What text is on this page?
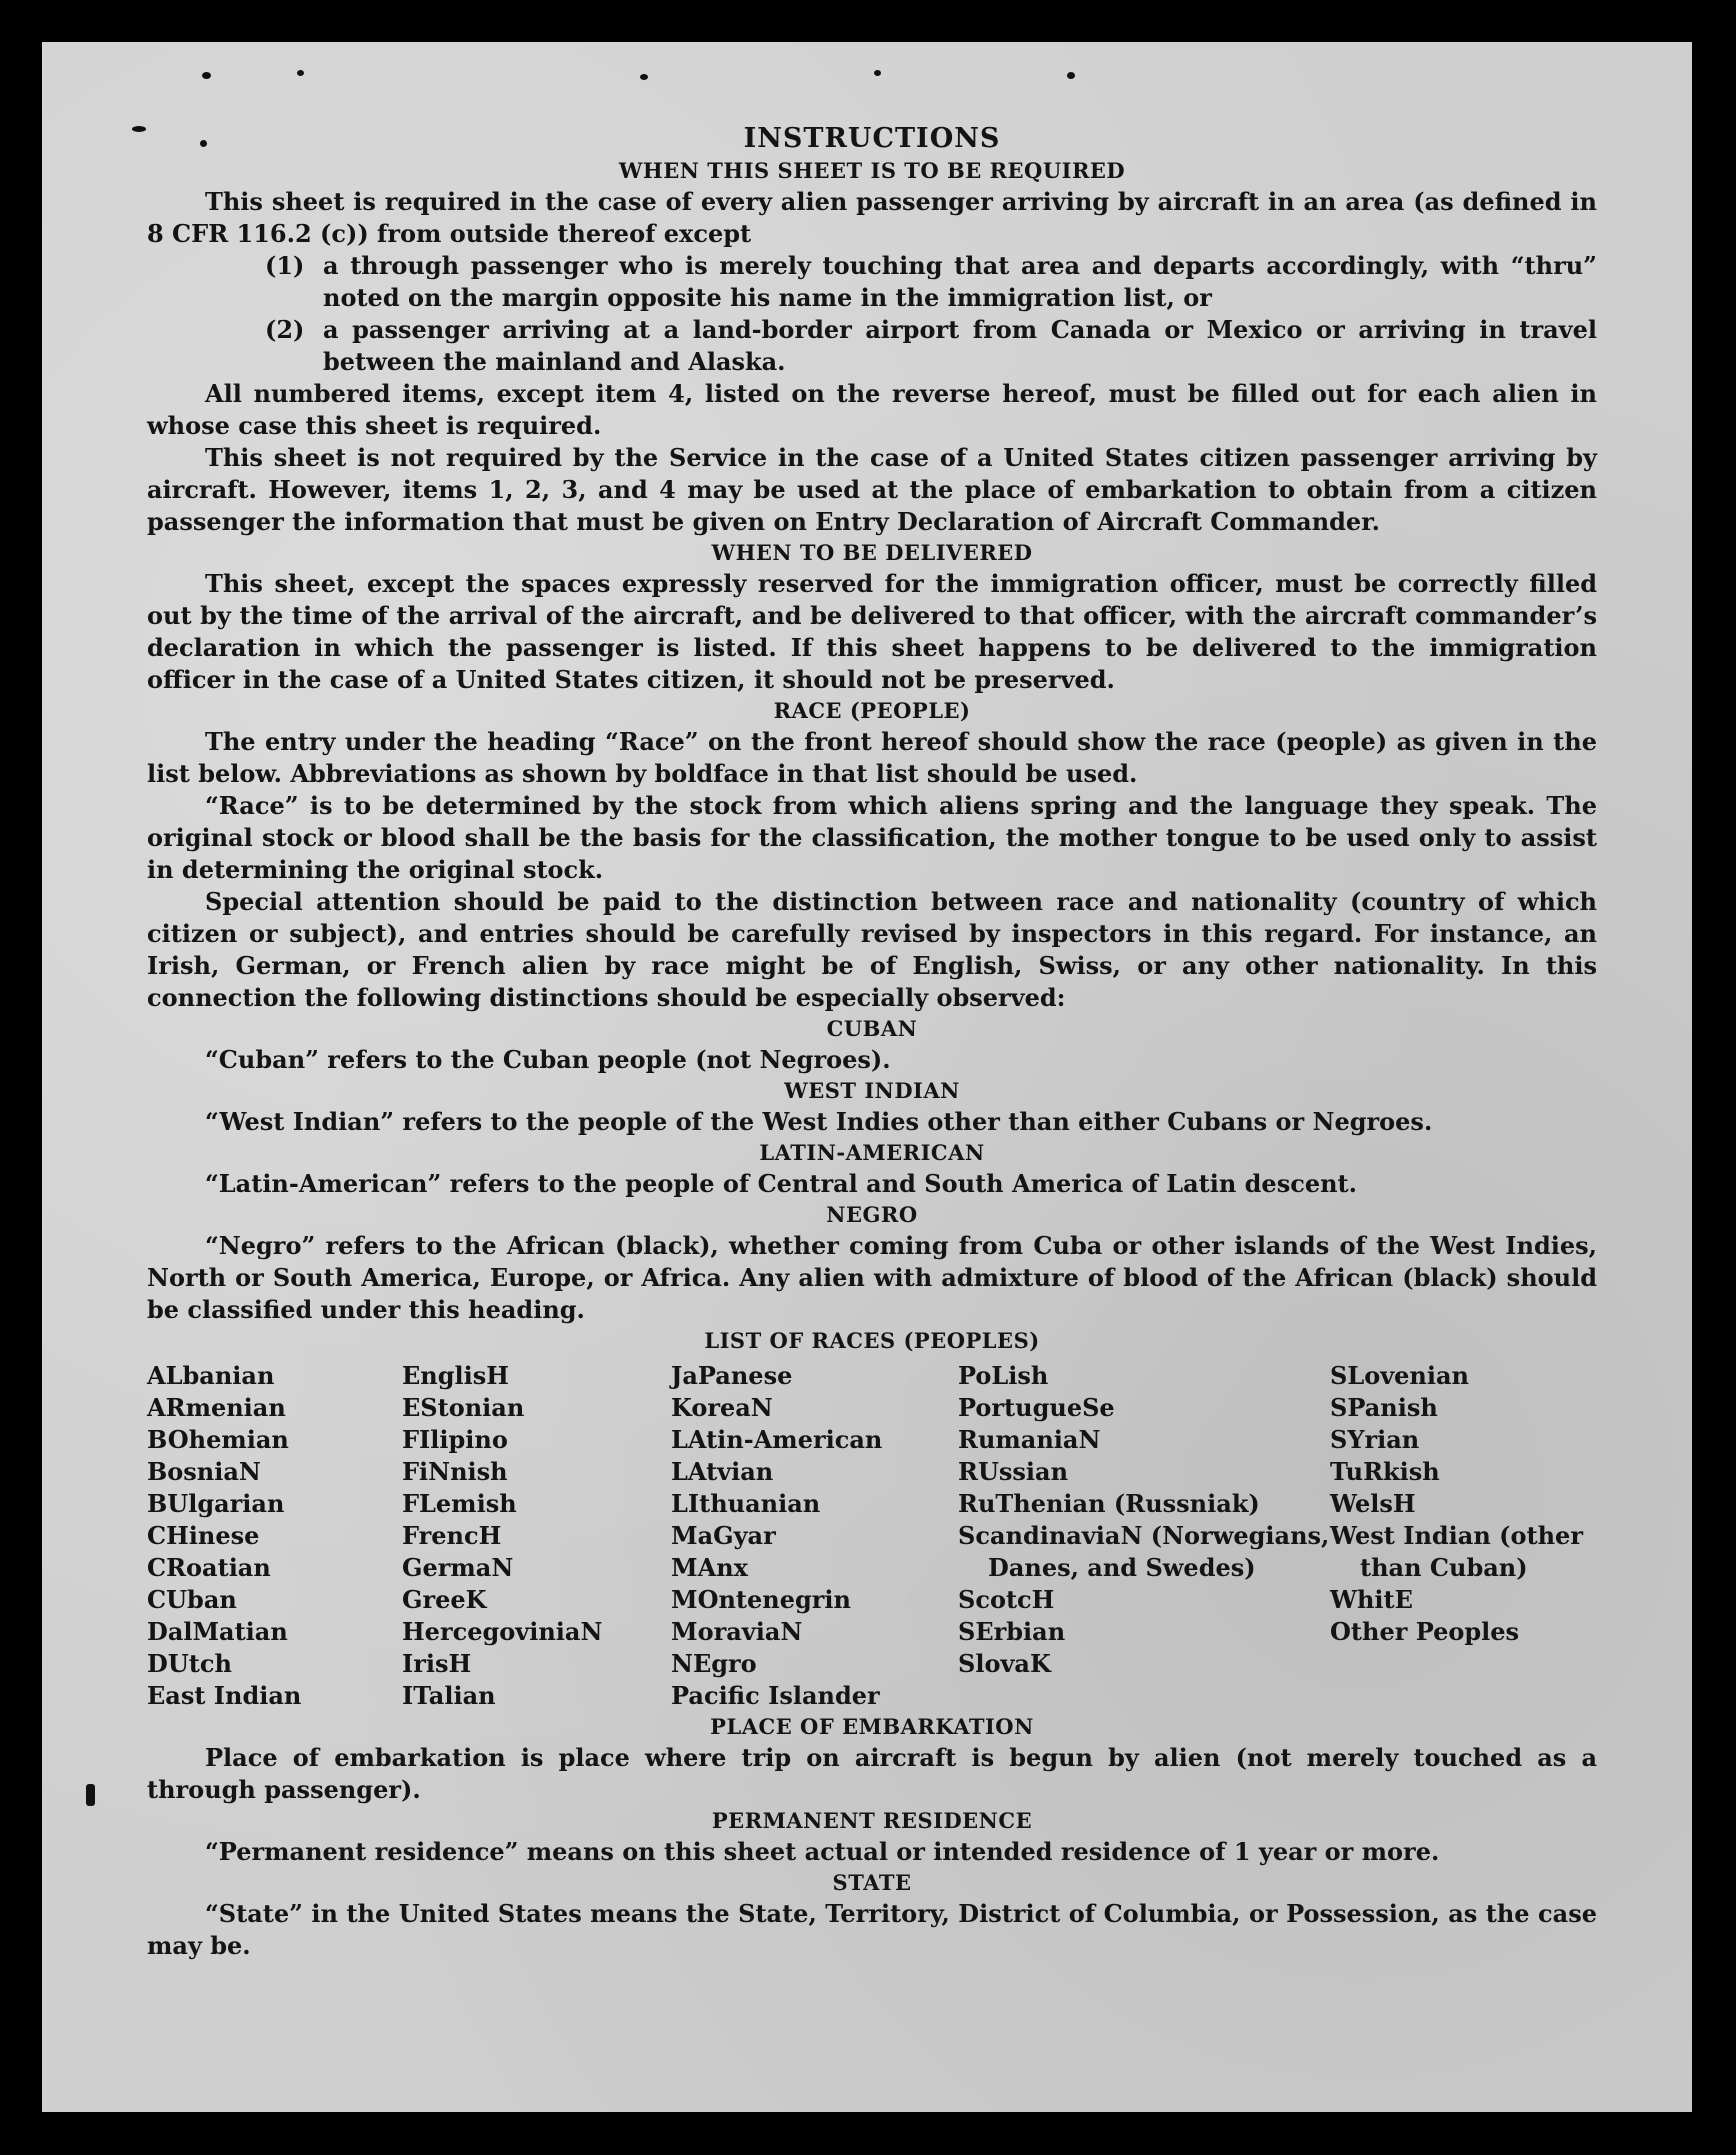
INSTRUCTIONS

WHEN THIS SHEET IS TO BE REQUIRED

This sheet is required in the case of every alien passenger arriving by aircraft in an area (as defined in 8 CFR 116.2 (c)) from outside thereof except

(1) a through passenger who is merely touching that area and departs accordingly, with “thru” noted on the margin opposite his name in the immigration list, or
(2) a passenger arriving at a land-border airport from Canada or Mexico or arriving in travel between the mainland and Alaska.

All numbered items, except item 4, listed on the reverse hereof, must be filled out for each alien in whose case this sheet is required.

This sheet is not required by the Service in the case of a United States citizen passenger arriving by aircraft. However, items 1, 2, 3, and 4 may be used at the place of embarkation to obtain from a citizen passenger the information that must be given on Entry Declaration of Aircraft Commander.

WHEN TO BE DELIVERED

This sheet, except the spaces expressly reserved for the immigration officer, must be correctly filled out by the time of the arrival of the aircraft, and be delivered to that officer, with the aircraft commander’s declaration in which the passenger is listed. If this sheet happens to be delivered to the immigration officer in the case of a United States citizen, it should not be preserved.

RACE (PEOPLE)

The entry under the heading “Race” on the front hereof should show the race (people) as given in the list below. Abbreviations as shown by boldface in that list should be used.

“Race” is to be determined by the stock from which aliens spring and the language they speak. The original stock or blood shall be the basis for the classification, the mother tongue to be used only to assist in determining the original stock.

Special attention should be paid to the distinction between race and nationality (country of which citizen or subject), and entries should be carefully revised by inspectors in this regard. For instance, an Irish, German, or French alien by race might be of English, Swiss, or any other nationality. In this connection the following distinctions should be especially observed:

CUBAN

“Cuban” refers to the Cuban people (not Negroes).

WEST INDIAN

“West Indian” refers to the people of the West Indies other than either Cubans or Negroes.

LATIN-AMERICAN

“Latin-American” refers to the people of Central and South America of Latin descent.

NEGRO

“Negro” refers to the African (black), whether coming from Cuba or other islands of the West Indies, North or South America, Europe, or Africa. Any alien with admixture of blood of the African (black) should be classified under this heading.

LIST OF RACES (PEOPLES)

ALbanian
ARmenian
BOhemian
BosniaN
BUlgarian
CHinese
CRoatian
CUban
DalMatian
DUtch
East Indian
EnglisH
EStonian
FIlipino
FiNnish
FLemish
FrencH
GermaN
GreeK
HercegoviniaN
IrisH
ITalian
JaPanese
KoreaN
LAtin-American
LAtvian
LIthuanian
MaGyar
MAnx
MOntenegrin
MoraviaN
NEgro
Pacific Islander
PoLish
PortugueSe
RumaniaN
RUssian
RuThenian (Russniak)
ScandinaviaN (Norwegians, Danes, and Swedes)
ScotcH
SErbian
SlovaK
SLovenian
SPanish
SYrian
TuRkish
WelsH
West Indian (other than Cuban)
WhitE
Other Peoples

PLACE OF EMBARKATION

Place of embarkation is place where trip on aircraft is begun by alien (not merely touched as a through passenger).

PERMANENT RESIDENCE

“Permanent residence” means on this sheet actual or intended residence of 1 year or more.

STATE

“State” in the United States means the State, Territory, District of Columbia, or Possession, as the case may be.
